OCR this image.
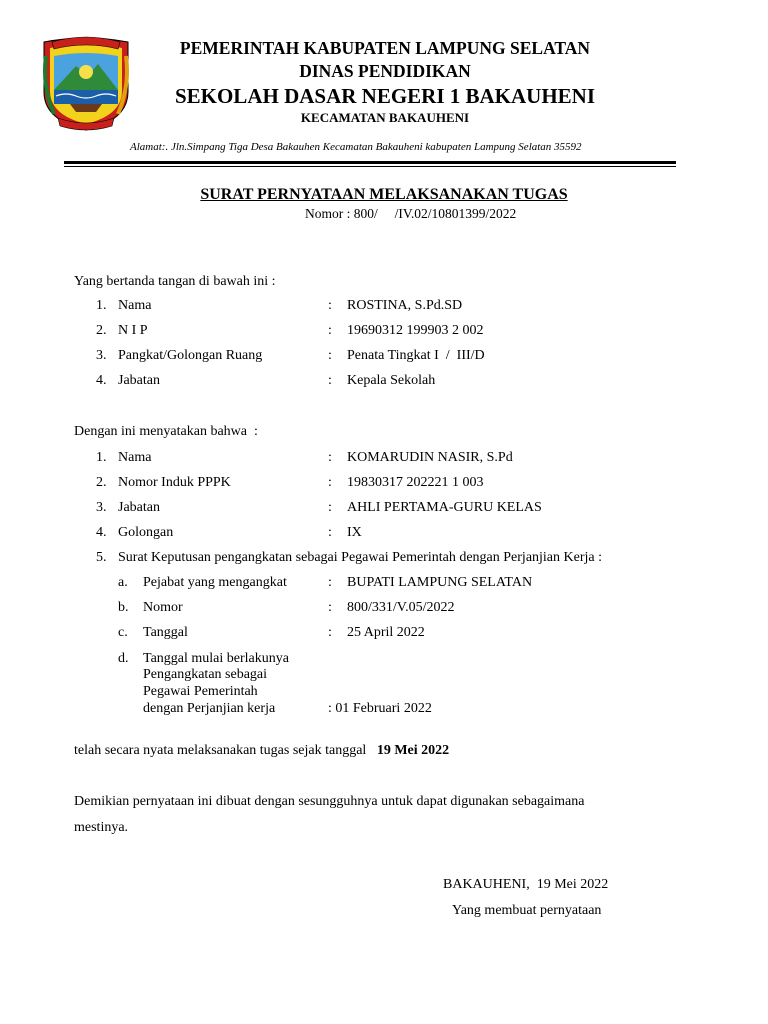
PEMERINTAH KABUPATEN LAMPUNG SELATAN
DINAS PENDIDIKAN
SEKOLAH DASAR NEGERI 1 BAKAUHENI
KECAMATAN BAKAUHENI
Alamat:. Jln.Simpang Tiga Desa Bakauhen Kecamatan Bakauheni kabupaten Lampung Selatan 35592
SURAT PERNYATAAN MELAKSANAKAN TUGAS
Nomor : 800/     /IV.02/10801399/2022
Yang bertanda tangan di bawah ini :
1. Nama	: ROSTINA, S.Pd.SD
2. N I P	: 19690312 199903 2 002
3. Pangkat/Golongan Ruang	: Penata Tingkat I  /  III/D
4. Jabatan	: Kepala Sekolah
Dengan ini menyatakan bahwa  :
1. Nama	: KOMARUDIN NASIR, S.Pd
2. Nomor Induk PPPK	: 19830317 202221 1 003
3. Jabatan	: AHLI PERTAMA-GURU KELAS
4. Golongan	: IX
5. Surat Keputusan pengangkatan sebagai Pegawai Pemerintah dengan Perjanjian Kerja :
a. Pejabat yang mengangkat	: BUPATI LAMPUNG SELATAN
b. Nomor	: 800/331/V.05/2022
c. Tanggal	: 25 April 2022
d. Tanggal mulai berlakunya
Pengangkatan sebagai
Pegawai Pemerintah
dengan Perjanjian kerja	: 01 Februari 2022
telah secara nyata melaksanakan tugas sejak tanggal 19 Mei 2022
Demikian pernyataan ini dibuat dengan sesungguhnya untuk dapat digunakan sebagaimana
mestinya.
BAKAUHENI,  19 Mei 2022
Yang membuat pernyataan
